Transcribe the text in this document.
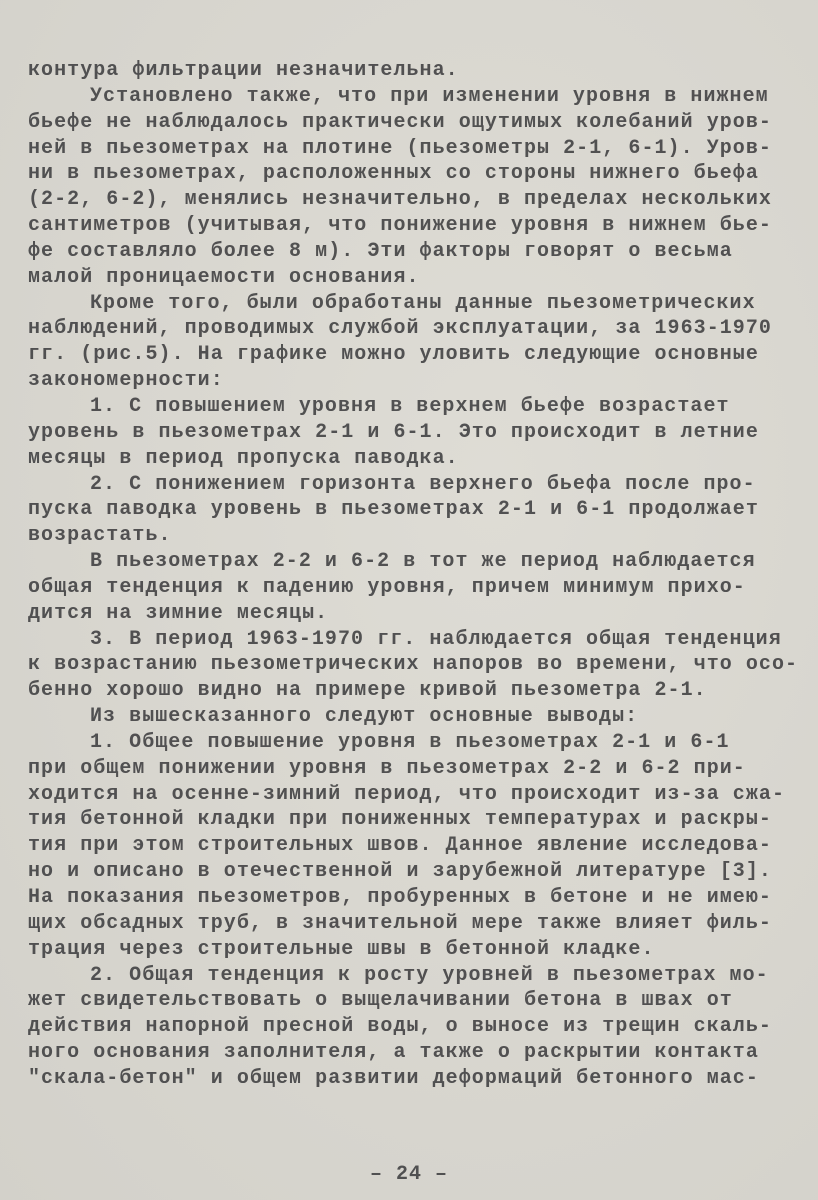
контура фильтрации незначительна.
Установлено также, что при изменении уровня в нижнем
бьефе не наблюдалось практически ощутимых колебаний уров-
ней в пьезометрах на плотине (пьезометры 2-1, 6-1). Уров-
ни в пьезометрах, расположенных со стороны нижнего бьефа
(2-2, 6-2), менялись незначительно, в пределах нескольких
сантиметров (учитывая, что понижение уровня в нижнем бье-
фе составляло более 8 м). Эти факторы говорят о весьма
малой проницаемости основания.
Кроме того, были обработаны данные пьезометрических
наблюдений, проводимых службой эксплуатации, за 1963-1970
гг. (рис.5). На графике можно уловить следующие основные
закономерности:
1. С повышением уровня в верхнем бьефе возрастает
уровень в пьезометрах 2-1 и 6-1. Это происходит в летние
месяцы в период пропуска паводка.
2. С понижением горизонта верхнего бьефа после про-
пуска паводка уровень в пьезометрах 2-1 и 6-1 продолжает
возрастать.
В пьезометрах 2-2 и 6-2 в тот же период наблюдается
общая тенденция к падению уровня, причем минимум прихо-
дится на зимние месяцы.
3. В период 1963-1970 гг. наблюдается общая тенденция
к возрастанию пьезометрических напоров во времени, что осо-
бенно хорошо видно на примере кривой пьезометра 2-1.
Из вышесказанного следуют основные выводы:
1. Общее повышение уровня в пьезометрах 2-1 и 6-1
при общем понижении уровня в пьезометрах 2-2 и 6-2 при-
ходится на осенне-зимний период, что происходит из-за сжа-
тия бетонной кладки при пониженных температурах и раскры-
тия при этом строительных швов. Данное явление исследова-
но и описано в отечественной и зарубежной литературе [3].
На показания пьезометров, пробуренных в бетоне и не имею-
щих обсадных труб, в значительной мере также влияет филь-
трация через строительные швы в бетонной кладке.
2. Общая тенденция к росту уровней в пьезометрах мо-
жет свидетельствовать о выщелачивании бетона в швах от
действия напорной пресной воды, о выносе из трещин скаль-
ного основания заполнителя, а также о раскрытии контакта
"скала-бетон" и общем развитии деформаций бетонного мас-
– 24 –
